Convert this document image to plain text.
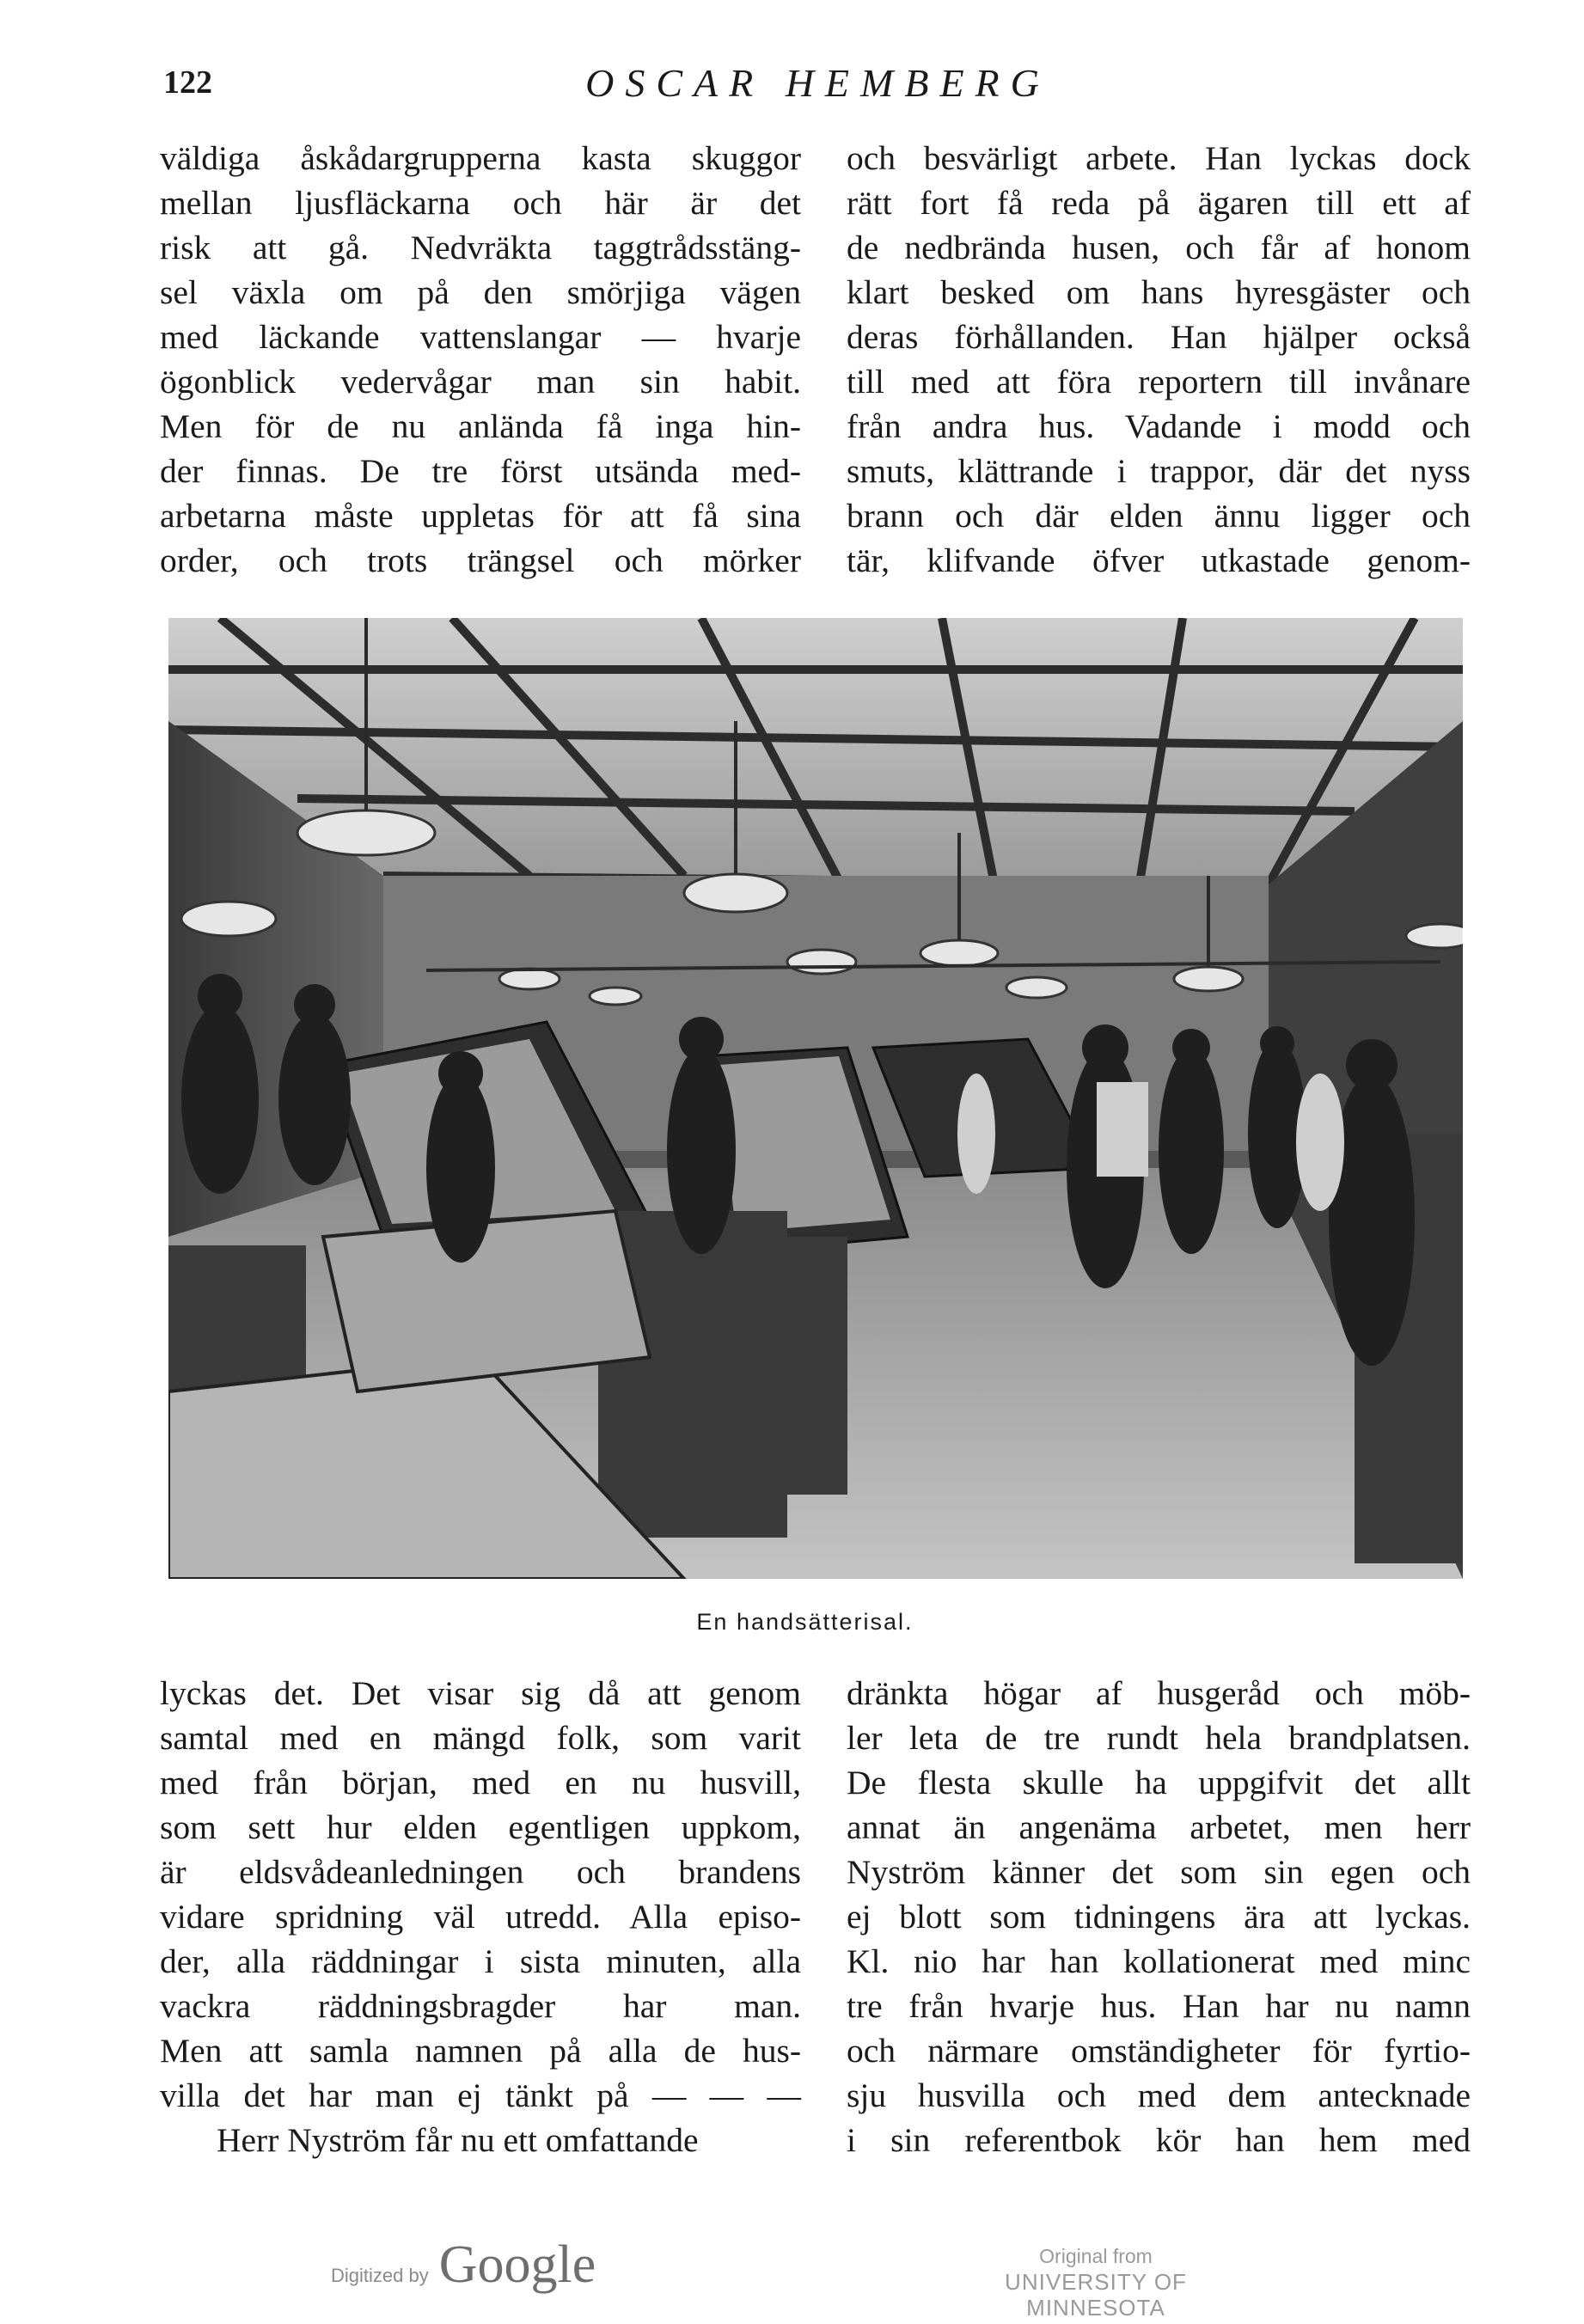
122	OSCAR HEMBERG
väldiga åskådargrupperna kasta skuggor
mellan ljusfläckarna och här är det
risk att gå. Nedvräkta taggtrådsstäng-
sel växla om på den smörjiga vägen
med läckande vattenslangar — hvarje
ögonblick vedervågar man sin habit.
Men för de nu anlända få inga hin-
der finnas. De tre först utsända med-
arbetarna måste uppletas för att få sina
order, och trots trängsel och mörker
och besvärligt arbete. Han lyckas dock
rätt fort få reda på ägaren till ett af
de nedbrända husen, och får af honom
klart besked om hans hyresgäster och
deras förhållanden. Han hjälper också
till med att föra reportern till invånare
från andra hus. Vadande i modd och
smuts, klättrande i trappor, där det nyss
brann och där elden ännu ligger och
tär, klifvande öfver utkastade genom-
En handsätterisal.
lyckas det. Det visar sig då att genom
samtal med en mängd folk, som varit
med från början, med en nu husvill,
som sett hur elden egentligen uppkom,
är eldsvådeanledningen och brandens
vidare spridning väl utredd. Alla episo-
der, alla räddningar i sista minuten, alla
vackra räddningsbragder har man.
Men att samla namnen på alla de hus-
villa det har man ej tänkt på — — —
Herr Nyström får nu ett omfattande
dränkta högar af husgeråd och möb-
ler leta de tre rundt hela brandplatsen.
De flesta skulle ha uppgifvit det allt
annat än angenäma arbetet, men herr
Nyström känner det som sin egen och
ej blott som tidningens ära att lyckas.
Kl. nio har han kollationerat med minc
tre från hvarje hus. Han har nu namn
och närmare omständigheter för fyrtio-
sju husvilla och med dem antecknade
i sin referentbok kör han hem med
Digitized by Google	Original from
UNIVERSITY OF MINNESOTA
